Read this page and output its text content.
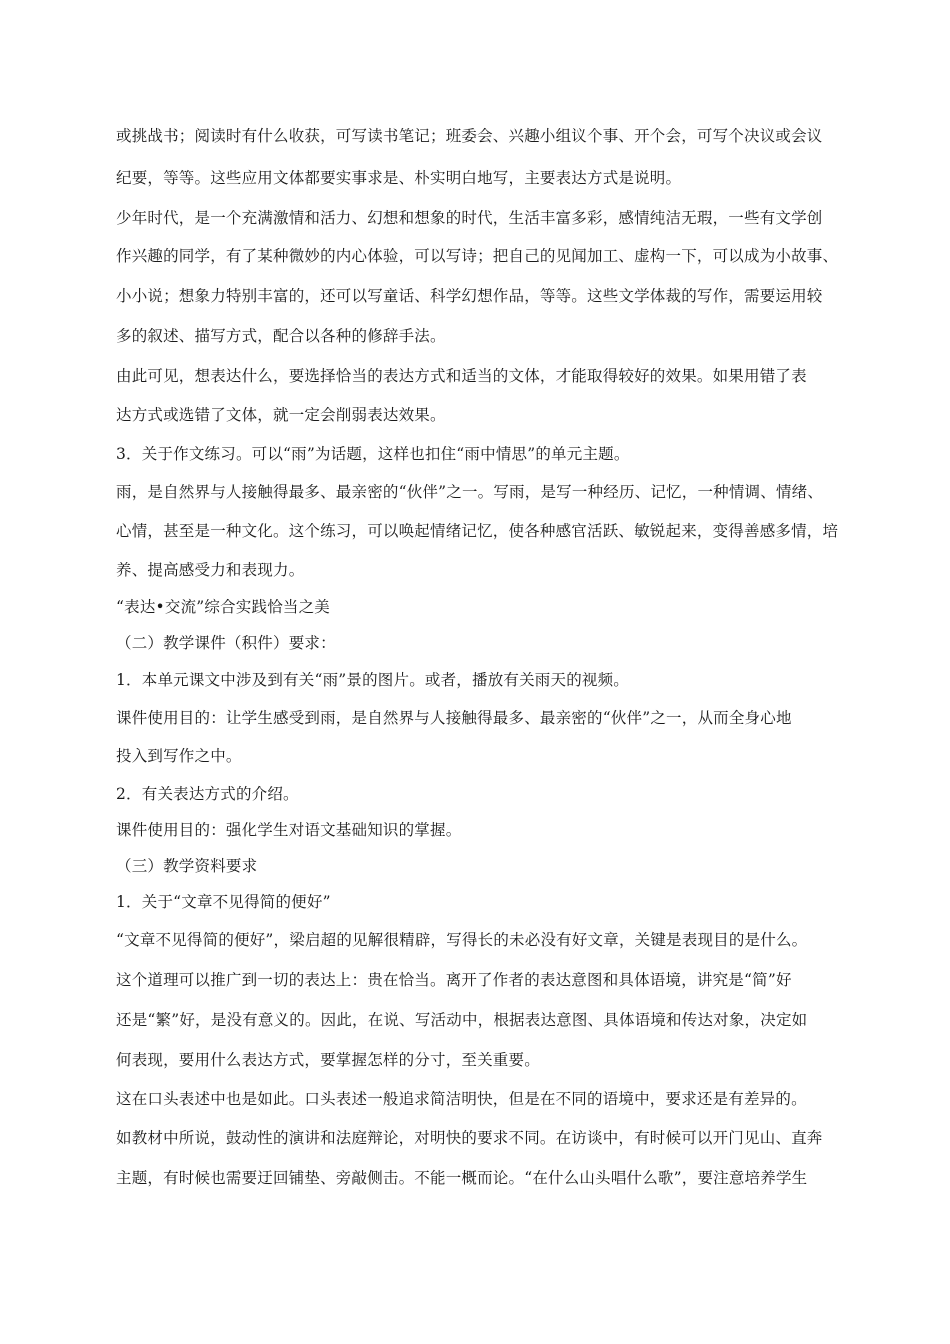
或挑战书；阅读时有什么收获，可写读书笔记；班委会、兴趣小组议个事、开个会，可写个决议或会议
纪要，等等。这些应用文体都要实事求是、朴实明白地写，主要表达方式是说明。
少年时代，是一个充满激情和活力、幻想和想象的时代，生活丰富多彩，感情纯洁无瑕，一些有文学创
作兴趣的同学，有了某种微妙的内心体验，可以写诗；把自己的见闻加工、虚构一下，可以成为小故事、
小小说；想象力特别丰富的，还可以写童话、科学幻想作品，等等。这些文学体裁的写作，需要运用较
多的叙述、描写方式，配合以各种的修辞手法。
由此可见，想表达什么，要选择恰当的表达方式和适当的文体，才能取得较好的效果。如果用错了表
达方式或选错了文体，就一定会削弱表达效果。
3．关于作文练习。可以“雨”为话题，这样也扣住“雨中情思”的单元主题。
雨，是自然界与人接触得最多、最亲密的“伙伴”之一。写雨，是写一种经历、记忆，一种情调、情绪、
心情，甚至是一种文化。这个练习，可以唤起情绪记忆，使各种感官活跃、敏锐起来，变得善感多情，培
养、提高感受力和表现力。
“表达•交流”综合实践恰当之美
（二）教学课件（积件）要求：
1．本单元课文中涉及到有关“雨”景的图片。或者，播放有关雨天的视频。
课件使用目的：让学生感受到雨，是自然界与人接触得最多、最亲密的“伙伴”之一，从而全身心地
投入到写作之中。
2．有关表达方式的介绍。
课件使用目的：强化学生对语文基础知识的掌握。
（三）教学资料要求
1．关于“文章不见得简的便好”
“文章不见得简的便好”，梁启超的见解很精辟，写得长的未必没有好文章，关键是表现目的是什么。
这个道理可以推广到一切的表达上：贵在恰当。离开了作者的表达意图和具体语境，讲究是“简”好
还是“繁”好，是没有意义的。因此，在说、写活动中，根据表达意图、具体语境和传达对象，决定如
何表现，要用什么表达方式，要掌握怎样的分寸，至关重要。
这在口头表述中也是如此。口头表述一般追求简洁明快，但是在不同的语境中，要求还是有差异的。
如教材中所说，鼓动性的演讲和法庭辩论，对明快的要求不同。在访谈中，有时候可以开门见山、直奔
主题，有时候也需要迂回铺垫、旁敲侧击。不能一概而论。“在什么山头唱什么歌”，要注意培养学生
